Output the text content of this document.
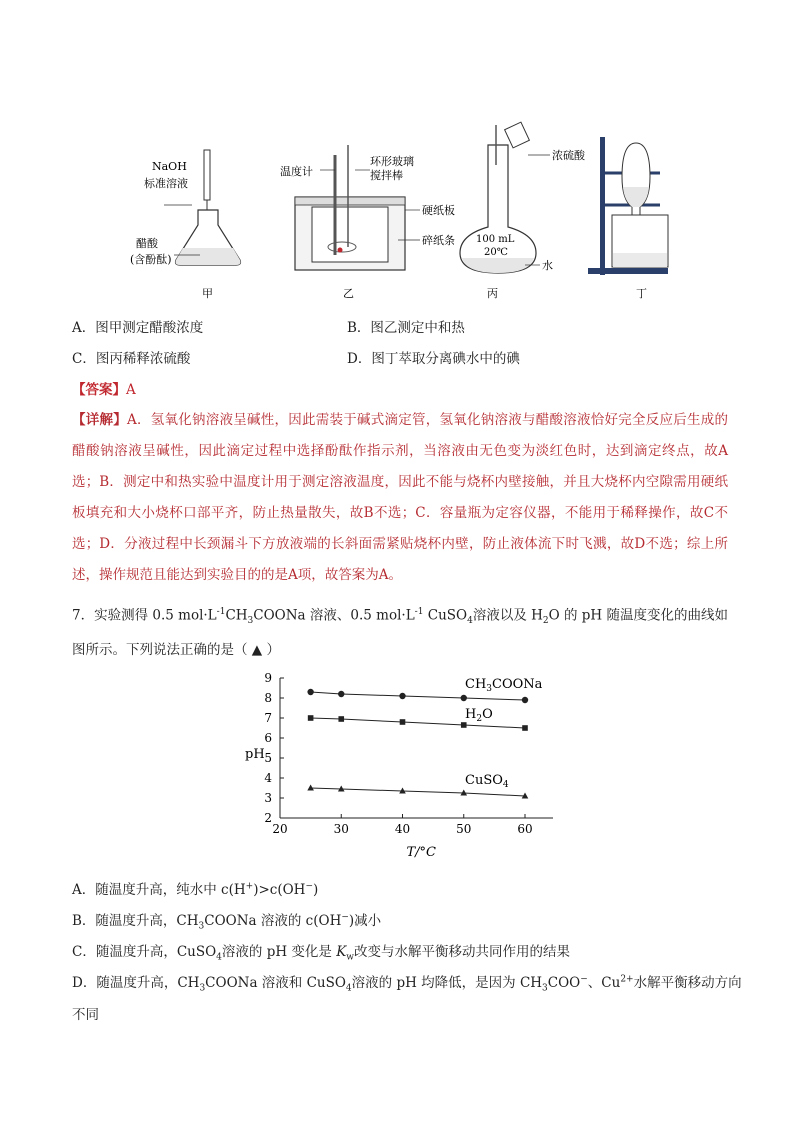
NaOH
标准溶液
醋酸
(含酚酞)
甲
温度计
环形玻璃
搅拌棒
硬纸板
碎纸条
乙
浓硫酸
100 mL
20℃
水
丙	丁
A．图甲测定醋酸浓度	B．图乙测定中和热
C．图丙稀释浓硫酸	D．图丁萃取分离碘水中的碘
【答案】A
【详解】A．氢氧化钠溶液呈碱性，因此需装于碱式滴定管，氢氧化钠溶液与醋酸溶液恰好完全反应后生成的醋酸钠溶液呈碱性，因此滴定过程中选择酚酞作指示剂，当溶液由无色变为淡红色时，达到滴定终点，故A选；B．测定中和热实验中温度计用于测定溶液温度，因此不能与烧杯内壁接触，并且大烧杯内空隙需用硬纸板填充和大小烧杯口部平齐，防止热量散失，故B不选；C．容量瓶为定容仪器，不能用于稀释操作，故C不选；D．分液过程中长颈漏斗下方放液端的长斜面需紧贴烧杯内壁，防止液体流下时飞溅，故D不选；综上所述，操作规范且能达到实验目的的是A项，故答案为A。
7．实验测得 0.5 $mol\cdot L^{-1}CH_3COONa$ 溶液、0.5 $mol\cdot L^{-1}$ CuSO$_4$溶液以及 $H_2O$ 的 pH 随温度变化的曲线如图所示。下列说法正确的是（ ▲ ）
20	30	40	50	60
2
3
4
5
6
7
8
9
pH
T/°C
$CH_3COONa$
$H_2O$
CuSO$_4$
A．随温度升高，纯水中 c(H+)>c(OH−)
B．随温度升高，$CH_3COONa$ 溶液的 c(OH−)减小
C．随温度升高，CuSO$_4$溶液的 pH 变化是 $K_w$改变与水解平衡移动共同作用的结果
D．随温度升高，$CH_3COONa$ 溶液和 CuSO$_4$溶液的 pH 均降低，是因为 $CH_3COO^-$、$Cu^{2+}$水解平衡移动方向
不同
